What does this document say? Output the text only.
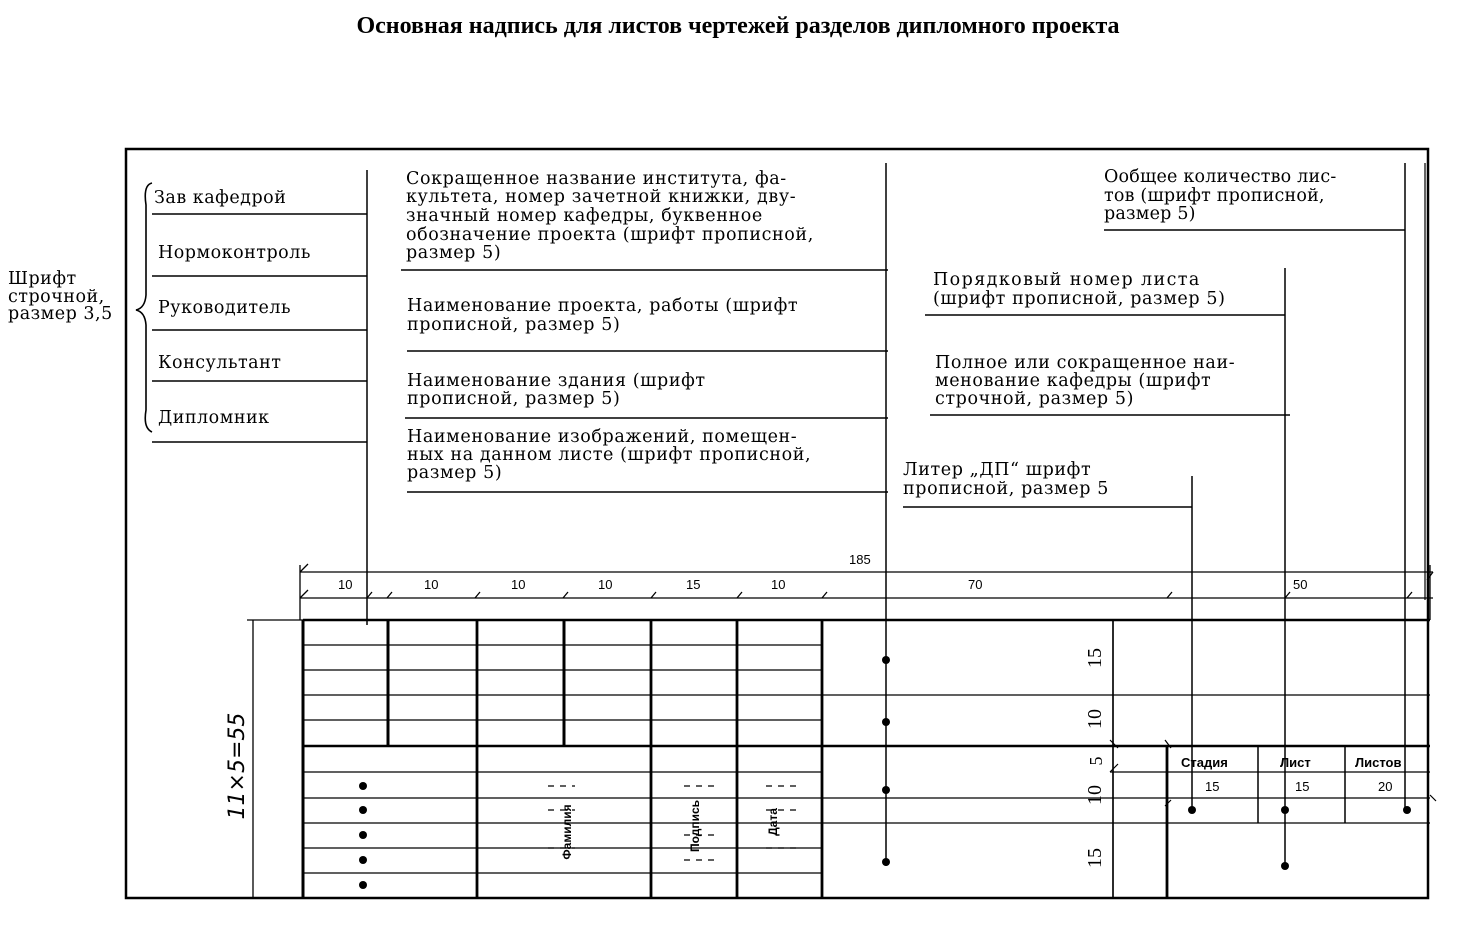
Основная надпись для листов чертежей разделов дипломного проекта
Шрифт
строчной,
размер 3,5
Зав кафедрой
Нормоконтроль
Руководитель
Консультант
Дипломник
Сокращенное название института, фа-
культета, номер зачетной книжки, дву-
значный номер кафедры, буквенное
обозначение проекта (шрифт прописной,
размер 5)
Наименование проекта, работы (шрифт
прописной, размер 5)
Наименование здания (шрифт
прописной, размер 5)
Наименование изображений, помещен-
ных на данном листе (шрифт прописной,
размер 5)
Ообщее количество лис-
тов (шрифт прописной,
размер 5)
Порядковый номер листа
(шрифт прописной, размер 5)
Полное или сокращенное наи-
менование кафедры (шрифт
строчной, размер 5)
Литер „ДП“ шрифт
прописной, размер 5
185
10	10	10	10	15	10	70	50
11×5=55
15
10
5
10
15
Стадия	Лист	Листов
15	15	20
Фамилия	Подпись	Дата
